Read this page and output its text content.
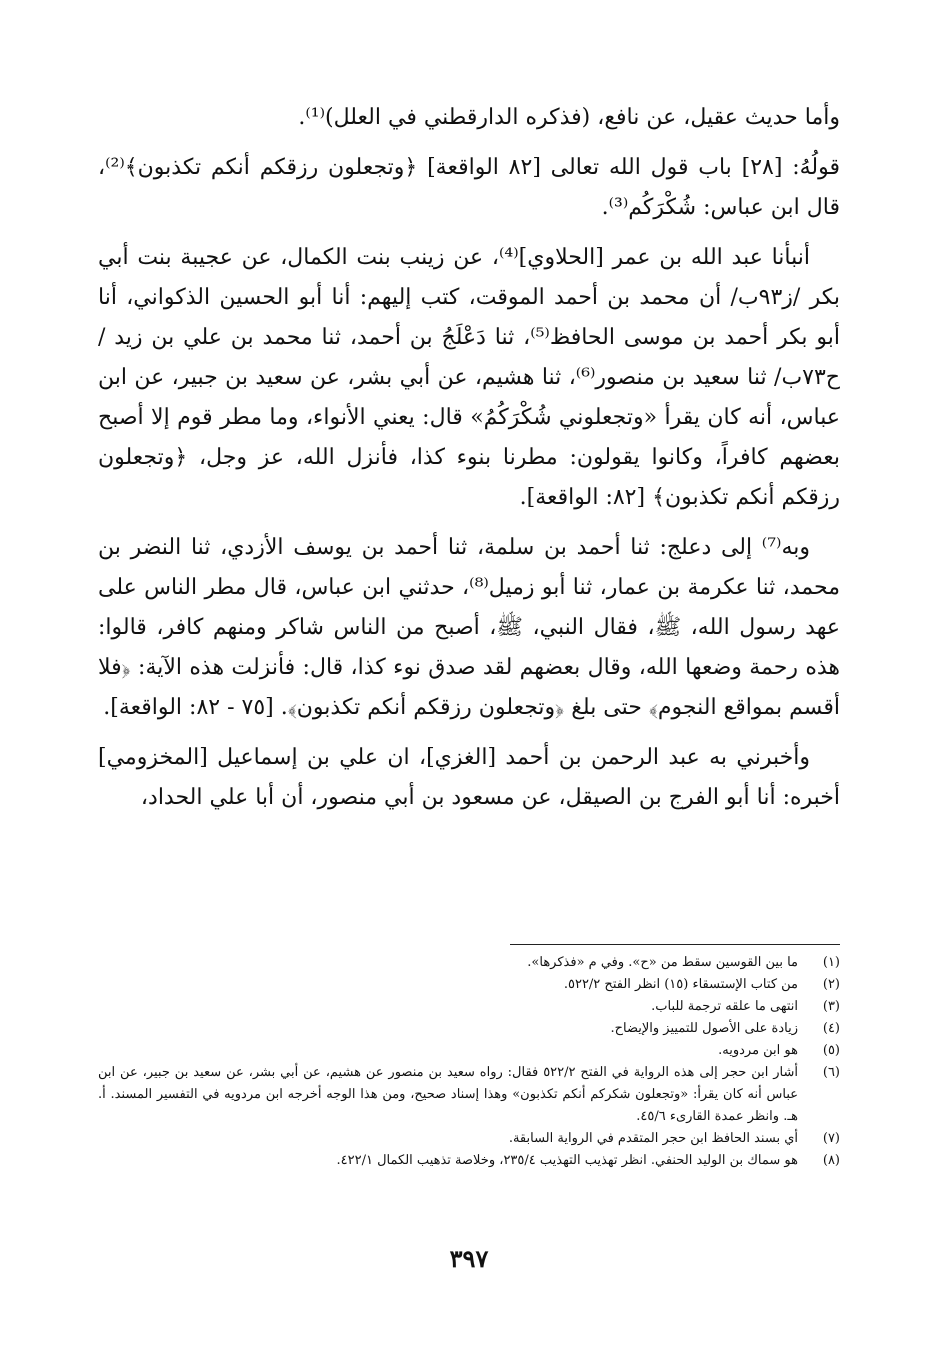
وأما حديث عقيل، عن نافع، (فذكره الدارقطني في العلل)⁽¹⁾.

قولُهُ: [٢٨] باب قول الله تعالى [٨٢ الواقعة] ﴿وتجعلون رزقكم أنكم تكذبون﴾⁽²⁾، قال ابن عباس: شُكْرَكُم⁽³⁾.

أنبأنا عبد الله بن عمر [الحلاوي]⁽⁴⁾، عن زينب بنت الكمال، عن عجيبة بنت أبي بكر /ز٩٣ب/ أن محمد بن أحمد الموقت، كتب إليهم: أنا أبو الحسين الذكواني، أنا أبو بكر أحمد بن موسى الحافظ⁽⁵⁾، ثنا دَعْلَجُ بن أحمد، ثنا محمد بن علي بن زيد /ح٧٣ب/ ثنا سعيد بن منصور⁽⁶⁾، ثنا هشيم، عن أبي بشر، عن سعيد بن جبير، عن ابن عباس، أنه كان يقرأ «وتجعلوني شُكْرَكُمُ» قال: يعني الأنواء، وما مطر قوم إلا أصبح بعضهم كافراً، وكانوا يقولون: مطرنا بنوء كذا، فأنزل الله، عز وجل، ﴿وتجعلون رزقكم أنكم تكذبون﴾ [٨٢: الواقعة].

وبه⁽⁷⁾ إلى دعلج: ثنا أحمد بن سلمة، ثنا أحمد بن يوسف الأزدي، ثنا النضر بن محمد، ثنا عكرمة بن عمار، ثنا أبو زميل⁽⁸⁾، حدثني ابن عباس، قال مطر الناس على عهد رسول الله، ﷺ، فقال النبي، ﷺ، أصبح من الناس شاكر ومنهم كافر، قالوا: هذه رحمة وضعها الله، وقال بعضهم لقد صدق نوء كذا، قال: فأنزلت هذه الآية: ﴿فلا أقسم بمواقع النجوم﴾ حتى بلغ ﴿وتجعلون رزقكم أنكم تكذبون﴾. [٧٥ - ٨٢: الواقعة].

وأخبرني به عبد الرحمن بن أحمد [الغزي]، ان علي بن إسماعيل [المخزومي] أخبره: أنا أبو الفرج بن الصيقل، عن مسعود بن أبي منصور، أن أبا علي الحداد،

(١)
ما بين القوسين سقط من «ح». وفي م «فذكرها».
(٢)
من كتاب الإستسقاء (١٥) انظر الفتح ٥٢٢/٢.
(٣)
انتهى ما علقه ترجمة للباب.
(٤)
زيادة على الأصول للتمييز والإيضاح.
(٥)
هو ابن مردويه.
(٦)
أشار ابن حجر إلى هذه الرواية في الفتح ٥٢٢/٢ فقال: رواه سعيد بن منصور عن هشيم، عن أبي بشر، عن سعيد بن جبير، عن ابن عباس أنه كان يقرأ: «وتجعلون شكركم أنكم تكذبون» وهذا إسناد صحيح، ومن هذا الوجه أخرجه ابن مردويه في التفسير المسند. أ. هـ. وانظر عمدة القارىء ٤٥/٦.
(٧)
أي بسند الحافظ ابن حجر المتقدم في الرواية السابقة.
(٨)
هو سماك بن الوليد الحنفي. انظر تهذيب التهذيب ٢٣٥/٤، وخلاصة تذهيب الكمال ٤٢٢/١.
٣٩٧
